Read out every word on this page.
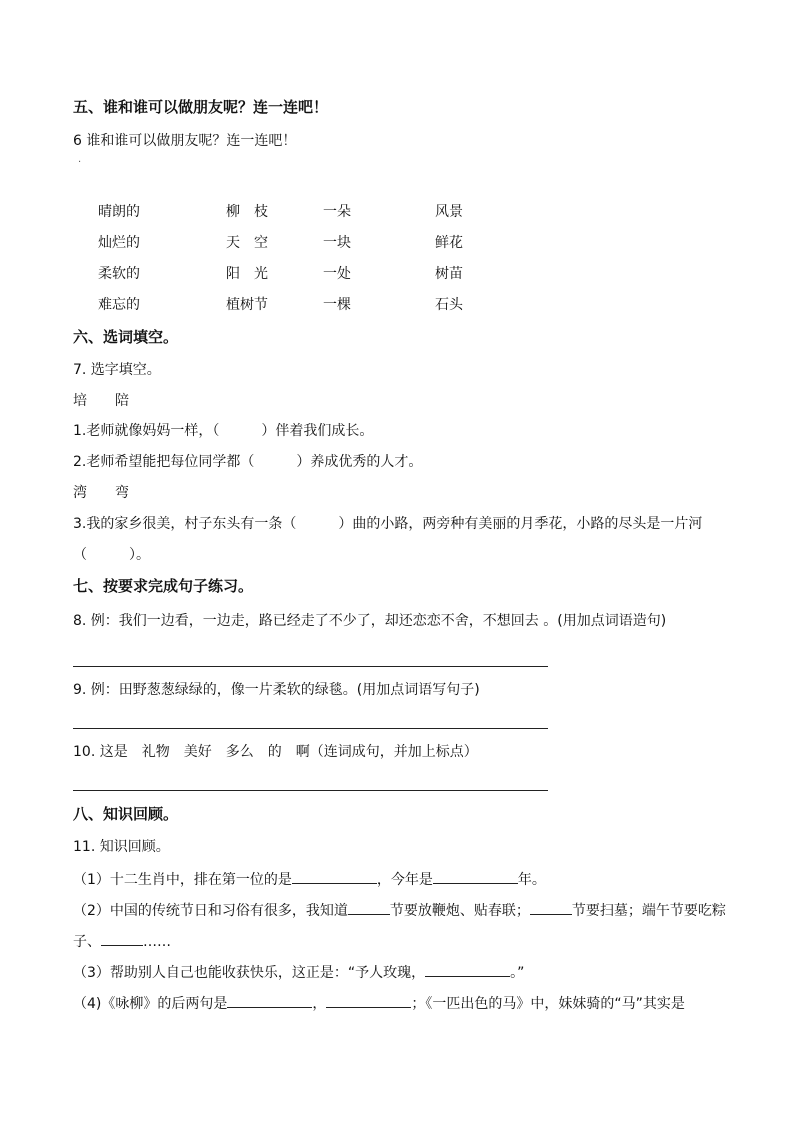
五、谁和谁可以做朋友呢？连一连吧！
6 谁和谁可以做朋友呢？连一连吧！
·
晴朗的	柳　枝	一朵	风景
灿烂的	天　空	一块	鲜花
柔软的	阳　光	一处	树苗
难忘的	植树节	一棵	石头
六、选词填空。
7. 选字填空。
培　　陪
1.老师就像妈妈一样，（　　　）伴着我们成长。
2.老师希望能把每位同学都（　　　）养成优秀的人才。
湾　　弯
3.我的家乡很美，村子东头有一条（　　　）曲的小路，两旁种有美丽的月季花，小路的尽头是一片河
（　　　）。
七、按要求完成句子练习。
8. 例：我们一边看，一边走，路已经走了不少了，却还恋恋不舍，不想回去 。(用加点词语造句)
9. 例：田野葱葱绿绿的，像一片柔软的绿毯。(用加点词语写句子)
10. 这是　礼物　美好　多么　的　啊（连词成句，并加上标点）
八、知识回顾。
11. 知识回顾。
（1）十二生肖中，排在第一位的是	，今年是	年。
（2）中国的传统节日和习俗有很多，我知道	节要放鞭炮、贴春联；	节要扫墓；端午节要吃粽
子、	……
（3）帮助别人自己也能收获快乐，这正是：“予人玫瑰，	。”
（4)《咏柳》的后两句是	，	；《一匹出色的马》中，妹妹骑的“马”其实是
